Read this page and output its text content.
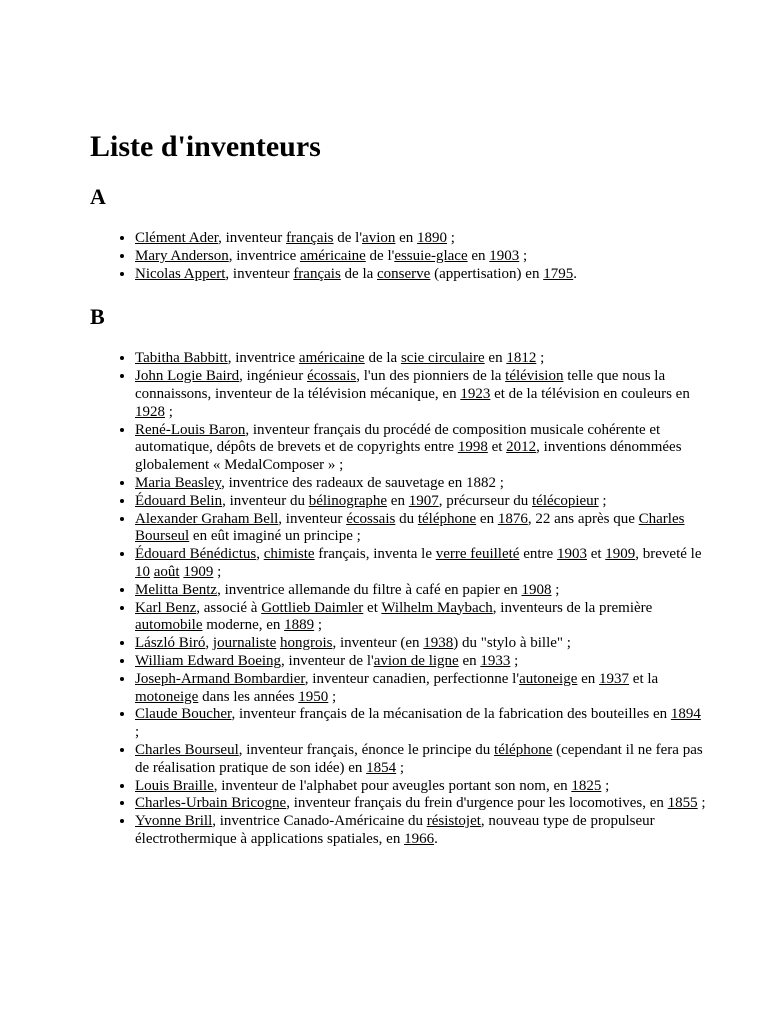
Liste d'inventeurs
A
• Clément Ader, inventeur français de l'avion en 1890 ;
• Mary Anderson, inventrice américaine de l'essuie-glace en 1903 ;
• Nicolas Appert, inventeur français de la conserve (appertisation) en 1795.
B
• Tabitha Babbitt, inventrice américaine de la scie circulaire en 1812 ;
• John Logie Baird, ingénieur écossais, l'un des pionniers de la télévision telle que nous la connaissons, inventeur de la télévision mécanique, en 1923 et de la télévision en couleurs en 1928 ;
• René-Louis Baron, inventeur français du procédé de composition musicale cohérente et automatique, dépôts de brevets et de copyrights entre 1998 et 2012, inventions dénommées globalement « MedalComposer » ;
• Maria Beasley, inventrice des radeaux de sauvetage en 1882 ;
• Édouard Belin, inventeur du bélinographe en 1907, précurseur du télécopieur ;
• Alexander Graham Bell, inventeur écossais du téléphone en 1876, 22 ans après que Charles Bourseul en eût imaginé un principe ;
• Édouard Bénédictus, chimiste français, inventa le verre feuilleté entre 1903 et 1909, breveté le 10 août 1909 ;
• Melitta Bentz, inventrice allemande du filtre à café en papier en 1908 ;
• Karl Benz, associé à Gottlieb Daimler et Wilhelm Maybach, inventeurs de la première automobile moderne, en 1889 ;
• László Biró, journaliste hongrois, inventeur (en 1938) du "stylo à bille" ;
• William Edward Boeing, inventeur de l'avion de ligne en 1933 ;
• Joseph-Armand Bombardier, inventeur canadien, perfectionne l'autoneige en 1937 et la motoneige dans les années 1950 ;
• Claude Boucher, inventeur français de la mécanisation de la fabrication des bouteilles en 1894 ;
• Charles Bourseul, inventeur français, énonce le principe du téléphone (cependant il ne fera pas de réalisation pratique de son idée) en 1854 ;
• Louis Braille, inventeur de l'alphabet pour aveugles portant son nom, en 1825 ;
• Charles-Urbain Bricogne, inventeur français du frein d'urgence pour les locomotives, en 1855 ;
• Yvonne Brill, inventrice Canado-Américaine du résistojet, nouveau type de propulseur électrothermique à applications spatiales, en 1966.
